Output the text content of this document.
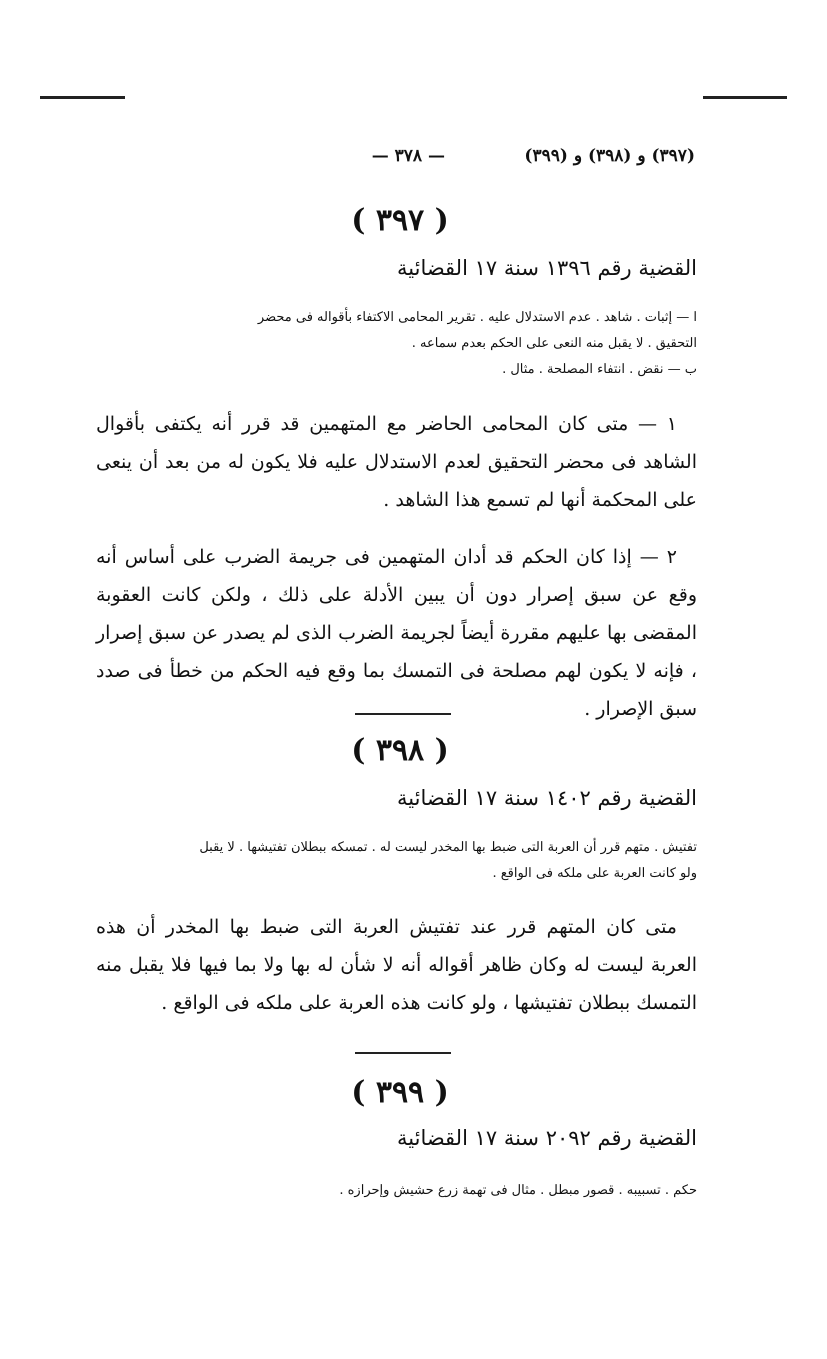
(٣٩٧) و (٣٩٨) و (٣٩٩)
— ٣٧٨ —
( ٣٩٧ )
القضية رقم ١٣٩٦ سنة ١٧ القضائية

ا — إثبات . شاهد . عدم الاستدلال عليه . تقرير المحامى الاكتفاء بأقواله فى محضر

التحقيق . لا يقبل منه النعى على الحكم بعدم سماعه .

ب — نقض . انتفاء المصلحة . مثال .

١ — متى كان المحامى الحاضر مع المتهمين قد قرر أنه يكتفى بأقوال الشاهد فى محضر التحقيق لعدم الاستدلال عليه فلا يكون له من بعد أن ينعى على المحكمة أنها لم تسمع هذا الشاهد .

٢ — إذا كان الحكم قد أدان المتهمين فى جريمة الضرب على أساس أنه وقع عن سبق إصرار دون أن يبين الأدلة على ذلك ، ولكن كانت العقوبة المقضى بها عليهم مقررة أيضاً لجريمة الضرب الذى لم يصدر عن سبق إصرار ، فإنه لا يكون لهم مصلحة فى التمسك بما وقع فيه الحكم من خطأ فى صدد سبق الإصرار .

( ٣٩٨ )
القضية رقم ١٤٠٢ سنة ١٧ القضائية

تفتيش . متهم قرر أن العربة التى ضبط بها المخدر ليست له . تمسكه ببطلان تفتيشها . لا يقبل

ولو كانت العربة على ملكه فى الواقع .

متى كان المتهم قرر عند تفتيش العربة التى ضبط بها المخدر أن هذه العربة ليست له وكان ظاهر أقواله أنه لا شأن له بها ولا بما فيها فلا يقبل منه التمسك ببطلان تفتيشها ، ولو كانت هذه العربة على ملكه فى الواقع .

( ٣٩٩ )
القضية رقم ٢٠٩٢ سنة ١٧ القضائية

حكم . تسبيبه . قصور مبطل . مثال فى تهمة زرع حشيش وإحرازه .
